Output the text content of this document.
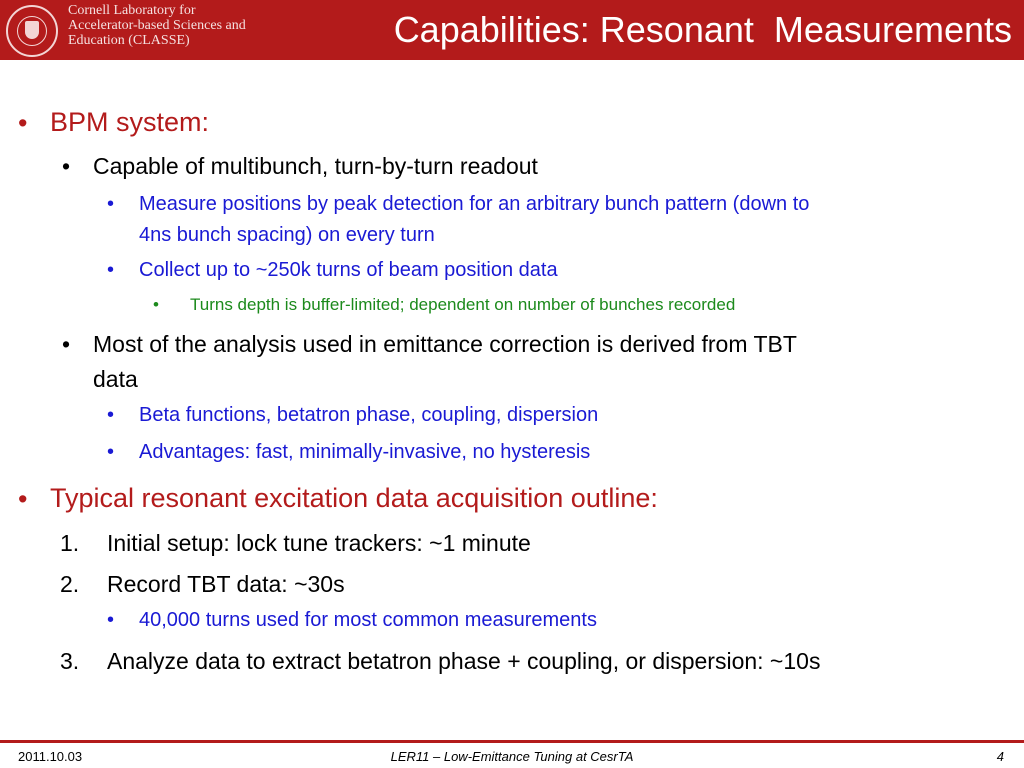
Cornell Laboratory for
Accelerator-based Sciences and
Education (CLASSE)	Capabilities: Resonant  Measurements
• BPM system:
• Capable of multibunch, turn-by-turn readout
• Measure positions by peak detection for an arbitrary bunch pattern (down to
4ns bunch spacing) on every turn
• Collect up to ~250k turns of beam position data
• Turns depth is buffer-limited; dependent on number of bunches recorded
• Most of the analysis used in emittance correction is derived from TBT
data
• Beta functions, betatron phase, coupling, dispersion
• Advantages: fast, minimally-invasive, no hysteresis
• Typical resonant excitation data acquisition outline:
1. Initial setup: lock tune trackers: ~1 minute
2. Record TBT data: ~30s
• 40,000 turns used for most common measurements
3. Analyze data to extract betatron phase + coupling, or dispersion: ~10s
2011.10.03	LER11 – Low-Emittance Tuning at CesrTA	4
